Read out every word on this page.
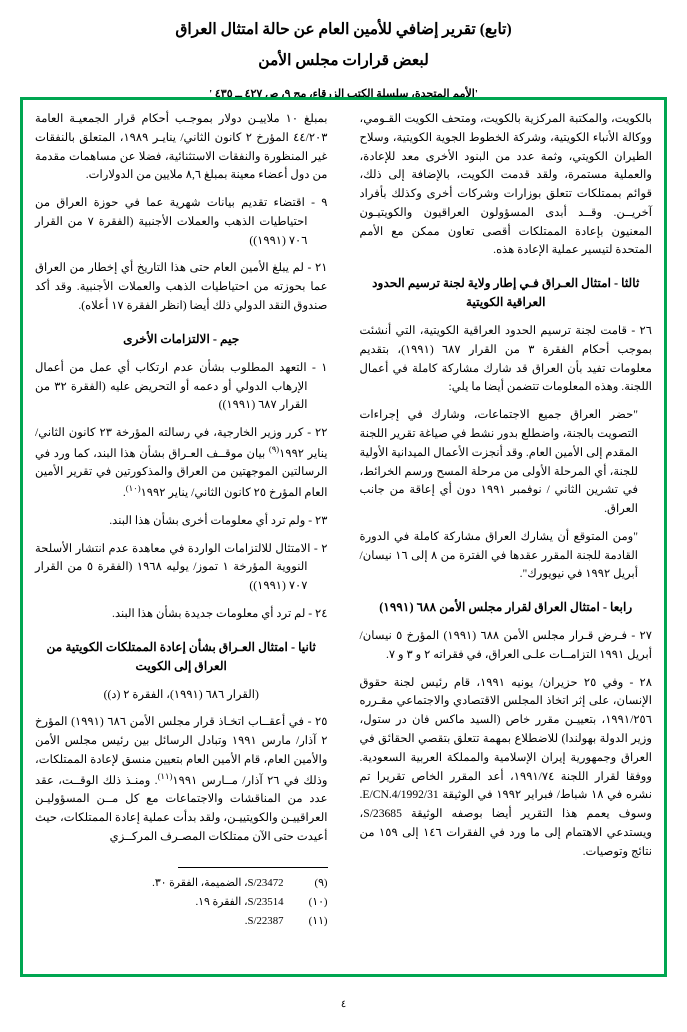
(تابع) تقرير إضافي للأمين العام عن حالة امتثال العراق
لبعض قرارات مجلس الأمن
'الأمم المتحدة، سلسلة الكتب الزرقاء، مج ٩، ص ٤٢٧ ــ ٤٣٥ '

بالكويت، والمكتبة المركزية بالكويت، ومتحف الكويت القـومي، ووكالة الأنباء الكويتية، وشركة الخطوط الجوية الكويتية، وسلاح الطيران الكويتي، وثمة عدد من البنود الأخرى معد للإعادة، والعملية مستمرة، ولقد قدمت الكويت، بالإضافة إلى ذلك، قوائم بممتلكات تتعلق بوزارات وشركات أخرى وكذلك بأفراد آخريــن. وقــد أبدى المسؤولون العراقيون والكويتيـون المعنيون بإعادة الممتلكات أقصى تعاون ممكن مع الأمم المتحدة لتيسير عملية الإعادة هذه.

ثالثا - امتثال العـراق فـي إطار ولاية لجنة ترسيم الحدود العراقية الكويتية

٢٦ - قامت لجنة ترسيم الحدود العراقية الكويتية، التي أنشئت بموجب أحكام الفقرة ٣ من القرار ٦٨٧ (١٩٩١)، بتقديم معلومات تفيد بأن العراق قد شارك مشاركة كاملة في أعمال اللجنة. وهذه المعلومات تتضمن أيضا ما يلي:

"حضر العراق جميع الاجتماعات، وشارك في إجراءات التصويت بالجنة، واضطلع بدور نشط في صياغة تقرير اللجنة المقدم إلى الأمين العام. وقد أنجزت الأعمال الميدانية الأولية للجنة، أي المرحلة الأولى من مرحلة المسح ورسم الخرائط، في تشرين الثاني / نوفمبر ١٩٩١ دون أي إعاقة من جانب العراق.

"ومن المتوقع أن يشارك العراق مشاركة كاملة في الدورة القادمة للجنة المقرر عقدها في الفترة من ٨ إلى ١٦ نيسان/ أبريل ١٩٩٢ في نيويورك".

رابعا - امتثال العراق لقرار مجلس الأمن ٦٨٨ (١٩٩١)

٢٧ - فـرض قـرار مجلس الأمن ٦٨٨ (١٩٩١) المؤرخ ٥ نيسان/ أبريل ١٩٩١ التزامــات علـى العراق، في فقراته ٢ و ٣ و ٧.

٢٨ - وفي ٢٥ حزيران/ يونيه ١٩٩١، قام رئيس لجنة حقوق الإنسان، على إثر اتخاذ المجلس الاقتصادي والاجتماعي مقـرره ١٩٩١/٢٥٦، بتعييـن مقرر خاص (السيد ماكس فان در ستول، وزير الدولة بهولندا) للاضطلاع بمهمة تتعلق بتقصي الحقائق في العراق وجمهورية إيران الإسلامية والمملكة العربية السعودية. ووفقا لقرار اللجنة ١٩٩١/٧٤، أعد المقرر الخاص تقريرا تم نشره في ١٨ شباط/ فبراير ١٩٩٢ في الوثيقة E/CN.4/1992/31. وسوف يعمم هذا التقرير أيضا بوصفه الوثيقة S/23685، ويستدعي الاهتمام إلى ما ورد في الفقرات ١٤٦ إلى ١٥٩ من نتائج وتوصيات.

بمبلغ ١٠ ملاييـن دولار بموجـب أحكام قرار الجمعيـة العامة ٤٤/٢٠٣ المؤرخ ٢ كانون الثاني/ ينايـر ١٩٨٩، المتعلق بالنفقات غير المنظورة والنفقات الاستثنائية، فضلا عن مساهمات مقدمة من دول أعضاء معينة بمبلغ ٨,٦ ملايين من الدولارات.

٩ - اقتضاء تقديم بيانات شهرية عما في حوزة العراق من احتياطيات الذهب والعملات الأجنبية (الفقرة ٧ من القرار ٧٠٦ (١٩٩١))

٢١ - لم يبلغ الأمين العام حتى هذا التاريخ أي إخطار من العراق عما بحوزته من احتياطيات الذهب والعملات الأجنبية. وقد أكد صندوق النقد الدولي ذلك أيضا (انظر الفقرة ١٧ أعلاه).

جيم - الالتزامات الأخرى

١ - التعهد المطلوب بشأن عدم ارتكاب أي عمل من أعمال الإرهاب الدولي أو دعمه أو التحريض عليه (الفقرة ٣٢ من القرار ٦٨٧ (١٩٩١))

٢٢ - كرر وزير الخارجية، في رسالته المؤرخة ٢٣ كانون الثاني/ يناير ١٩٩٢$^{(٩)}$ بيان موقــف العـراق بشأن هذا البند، كما ورد في الرسالتين الموجهتين من العراق والمذكورتين في تقرير الأمين العام المؤرخ ٢٥ كانون الثاني/ يناير ١٩٩٢$^{(١٠)}$.

٢٣ - ولم ترد أي معلومات أخرى بشأن هذا البند.

٢ - الامتثال للالتزامات الواردة في معاهدة عدم انتشار الأسلحة النووية المؤرخة ١ تموز/ يوليه ١٩٦٨ (الفقرة ٥ من القرار ٧٠٧ (١٩٩١))

٢٤ - لم ترد أي معلومات جديدة بشأن هذا البند.

ثانيا - امتثال العـراق بشأن إعادة الممتلكات الكويتية من العراق إلى الكويت

(القرار ٦٨٦ (١٩٩١)، الفقرة ٢ (د))

٢٥ - في أعقــاب اتخـاذ قرار مجلس الأمن ٦٨٦ (١٩٩١) المؤرخ ٢ آذار/ مارس ١٩٩١ وتبادل الرسائل بين رئيس مجلس الأمن والأمين العام، قام الأمين العام بتعيين منسق لإعادة الممتلكات، وذلك في ٢٦ آذار/ مــارس ١٩٩١$^{(١١)}$. ومنـذ ذلك الوقــت، عقد عدد من المناقشات والاجتماعات مع كل مــن المسؤوليـن العراقييـن والكويتييـن، ولقد بدأت عملية إعادة الممتلكات، حيث أعيدت حتى الآن ممتلكات المصـرف المركــزي

(٩)
S/23472، الضميمة، الفقرة ٣٠.
(١٠)
S/23514، الفقرة ١٩.
(١١)
S/22387.
٤
